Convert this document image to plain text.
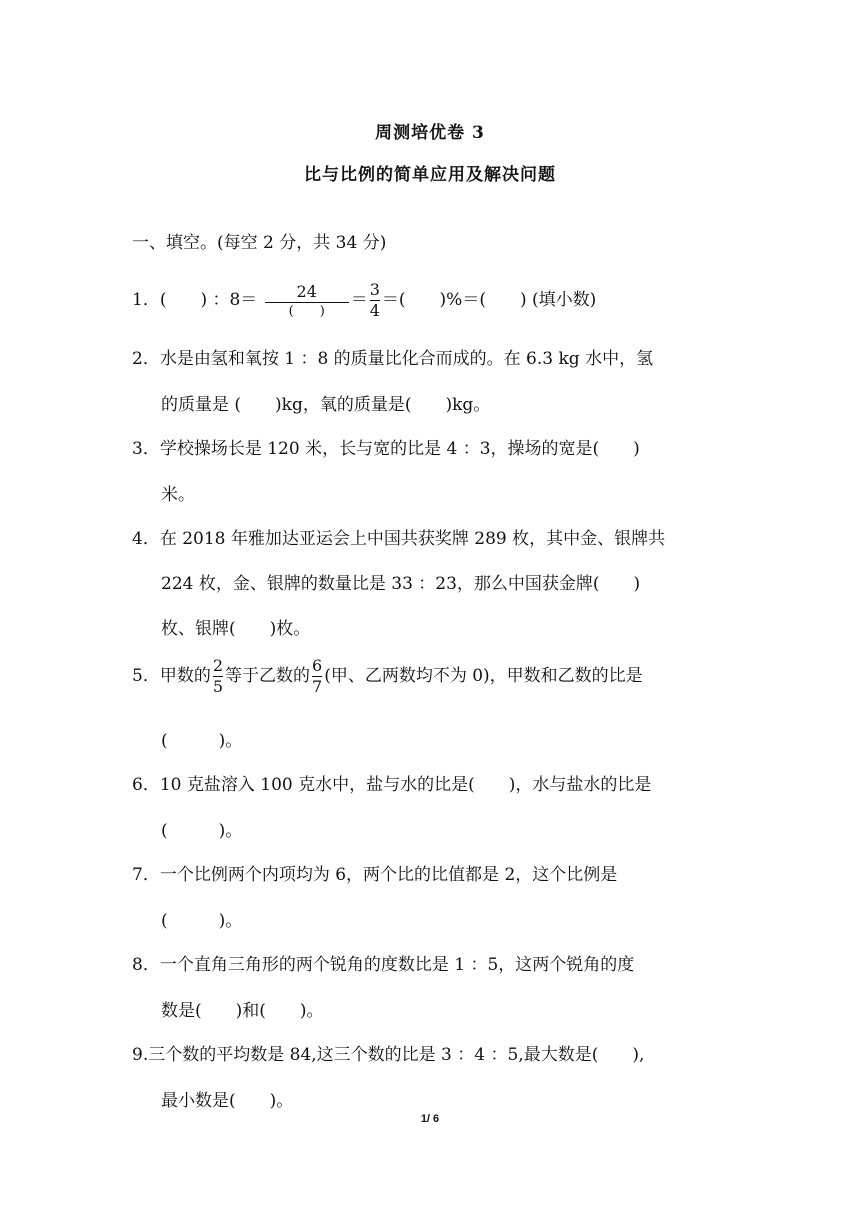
周测培优卷 3
比与比例的简单应用及解决问题
一、填空。(每空 2 分，共 34 分)
1．(　　) ：$8= \frac{24}{( )} = \frac{3}{4}$ ＝(　　)%＝(　　) (填小数)
2．水是由氢和氧按 1 ：8 的质量比化合而成的。在 6.3 kg 水中，氢
的质量是 (　　)kg，氧的质量是(　　)kg。
3．学校操场长是 120 米，长与宽的比是 4 ：3，操场的宽是(　　)
米。
4．在 2018 年雅加达亚运会上中国共获奖牌 289 枚，其中金、银牌共
224 枚，金、银牌的数量比是 33 ：23，那么中国获金牌(　　)
枚、银牌(　　)枚。
5．甲数的 $\frac{2}{5}$ 等于乙数的 $\frac{6}{7}$ (甲、乙两数均不为 0)，甲数和乙数的比是
(　　　)。
6．10 克盐溶入 100 克水中，盐与水的比是(　　)，水与盐水的比是
(　　　)。
7．一个比例两个内项均为 6，两个比的比值都是 2，这个比例是
(　　　)。
8．一个直角三角形的两个锐角的度数比是 1 ：5，这两个锐角的度
数是(　　)和(　　)。
9.三个数的平均数是 84,这三个数的比是 3 ：4 ：5,最大数是(　　),
最小数是(　　)。
1/ 6
